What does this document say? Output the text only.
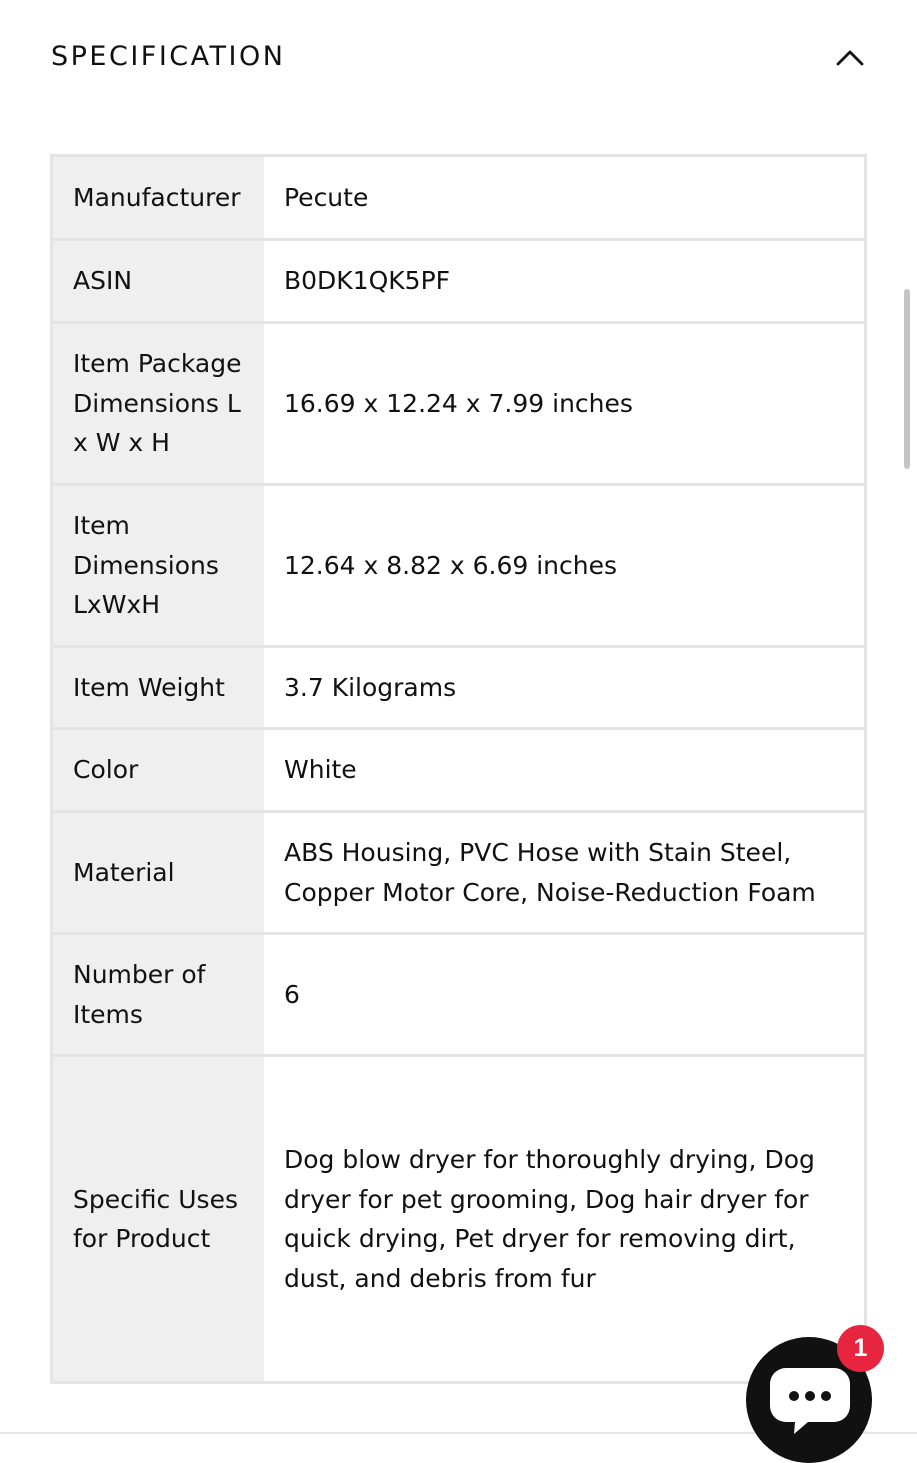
SPECIFICATION
Manufacturer	Pecute

ASIN	B0DK1QK5PF

Item Package Dimensions L x W x H	16.69 x 12.24 x 7.99 inches

Item Dimensions LxWxH	12.64 x 8.82 x 6.69 inches

Item Weight	3.7 Kilograms

Color	White

Material	ABS Housing, PVC Hose with Stain Steel, Copper Motor Core, Noise-Reduction Foam

Number of Items	6

Specific Uses for Product	Dog blow dryer for thoroughly drying, Dog dryer for pet grooming, Dog hair dryer for quick drying, Pet dryer for removing dirt, dust, and debris from fur
1
